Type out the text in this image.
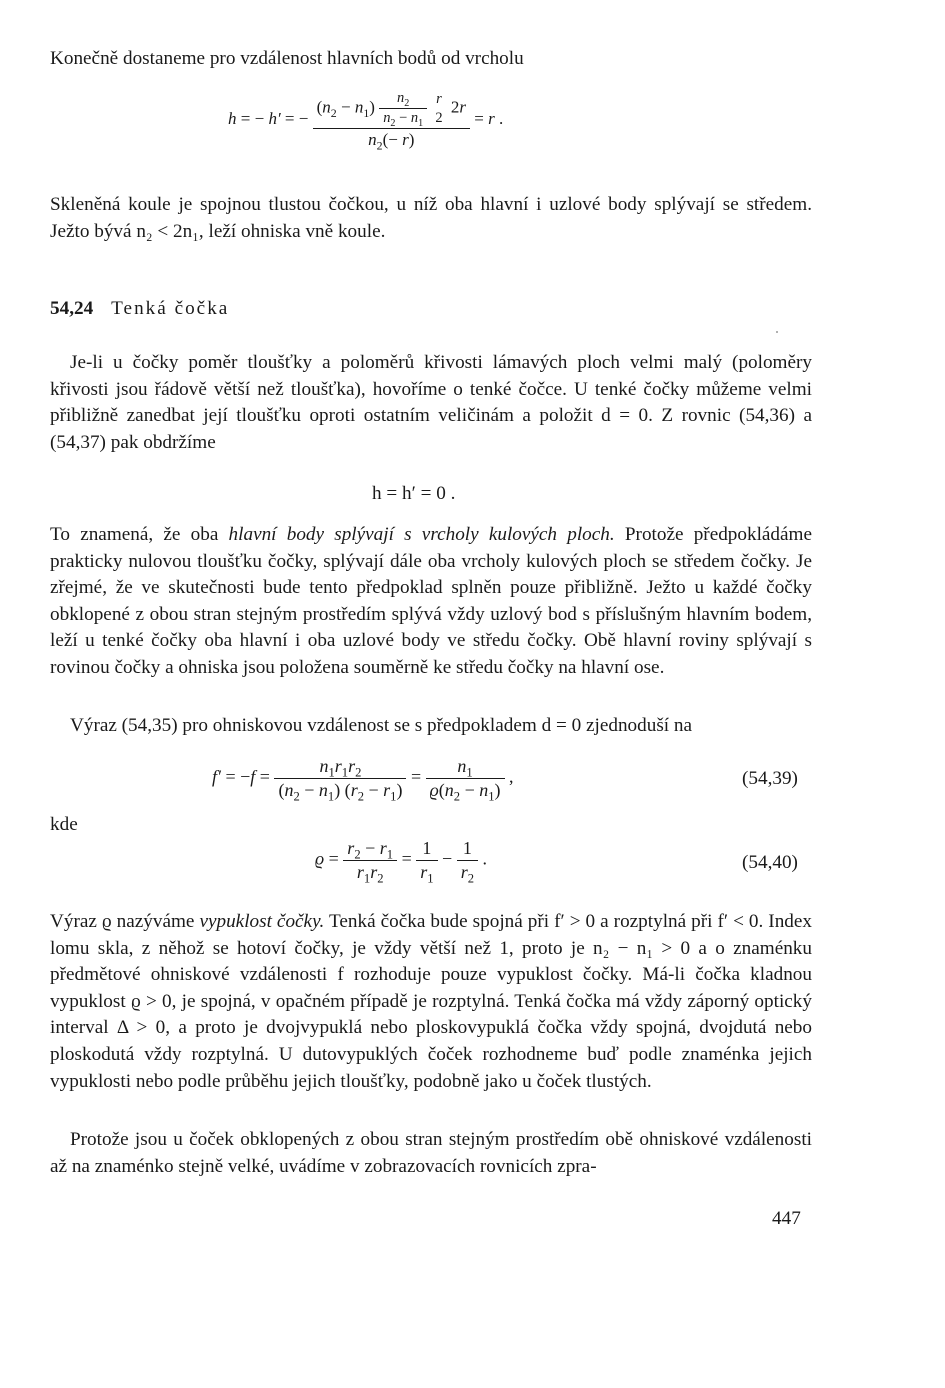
Konečně dostaneme pro vzdálenost hlavních bodů od vrcholu

h = − h′ = − $(n_2 - n_1) \frac{n_2}{n_2 - n_1}$
r
2
2r
$n_2(- r) = r$ .

Skleněná koule je spojnou tlustou čočkou, u níž oba hlavní i uzlové body splývají se středem. Ježto bývá n₂ < 2n₁, leží ohniska vně koule.

54,24 Tenká čočka

Je-li u čočky poměr tloušťky a poloměrů křivosti lámavých ploch velmi malý (poloměry křivosti jsou řádově větší než tloušťka), hovoříme o tenké čočce. U tenké čočky můžeme velmi přibližně zanedbat její tloušťku oproti ostatním veličinám a položit d = 0. Z rovnic (54,36) a (54,37) pak obdržíme

h = h′ = 0 .

To znamená, že oba hlavní body splývají s vrcholy kulových ploch. Protože předpokládáme prakticky nulovou tloušťku čočky, splývají dále oba vrcholy kulových ploch se středem čočky. Je zřejmé, že ve skutečnosti bude tento předpoklad splněn pouze přibližně. Ježto u každé čočky obklopené z obou stran stejným prostředím splývá vždy uzlový bod s příslušným hlavním bodem, leží u tenké čočky oba hlavní i oba uzlové body ve středu čočky. Obě hlavní roviny splývají s rovinou čočky a ohniska jsou položena souměrně ke středu čočky na hlavní ose.

Výraz (54,35) pro ohniskovou vzdálenost se s předpokladem d = 0 zjednoduší na

$f' = -f = \frac{n_1r_1r_2}{(n_2 - n_1) (r_2 - r_1)} = \frac{n_1}{ϱ(n_2 - n_1)}$ ,	(54,39)
kde
$ϱ = \frac{r_2 - r_1}{r_1r_2} = \frac{1}{r_1} - \frac{1}{r_2}$ .	(54,40)

Výraz ϱ nazýváme vypuklost čočky. Tenká čočka bude spojná při f′ > 0 a rozptylná při f′ < 0. Index lomu skla, z něhož se hotoví čočky, je vždy větší než 1, proto je n₂ − n₁ > 0 a o znaménku předmětové ohniskové vzdálenosti f rozhoduje pouze vypuklost čočky. Má-li čočka kladnou vypuklost ϱ > 0, je spojná, v opačném případě je rozptylná. Tenká čočka má vždy záporný optický interval Δ > 0, a proto je dvojvypuklá nebo ploskovypuklá čočka vždy spojná, dvojdutá nebo ploskodutá vždy rozptylná. U dutovypuklých čoček rozhodneme buď podle znaménka jejich vypuklosti nebo podle průběhu jejich tloušťky, podobně jako u čoček tlustých.

Protože jsou u čoček obklopených z obou stran stejným prostředím obě ohniskové vzdálenosti až na znaménko stejně velké, uvádíme v zobrazovacích rovnicích zpra-

447
